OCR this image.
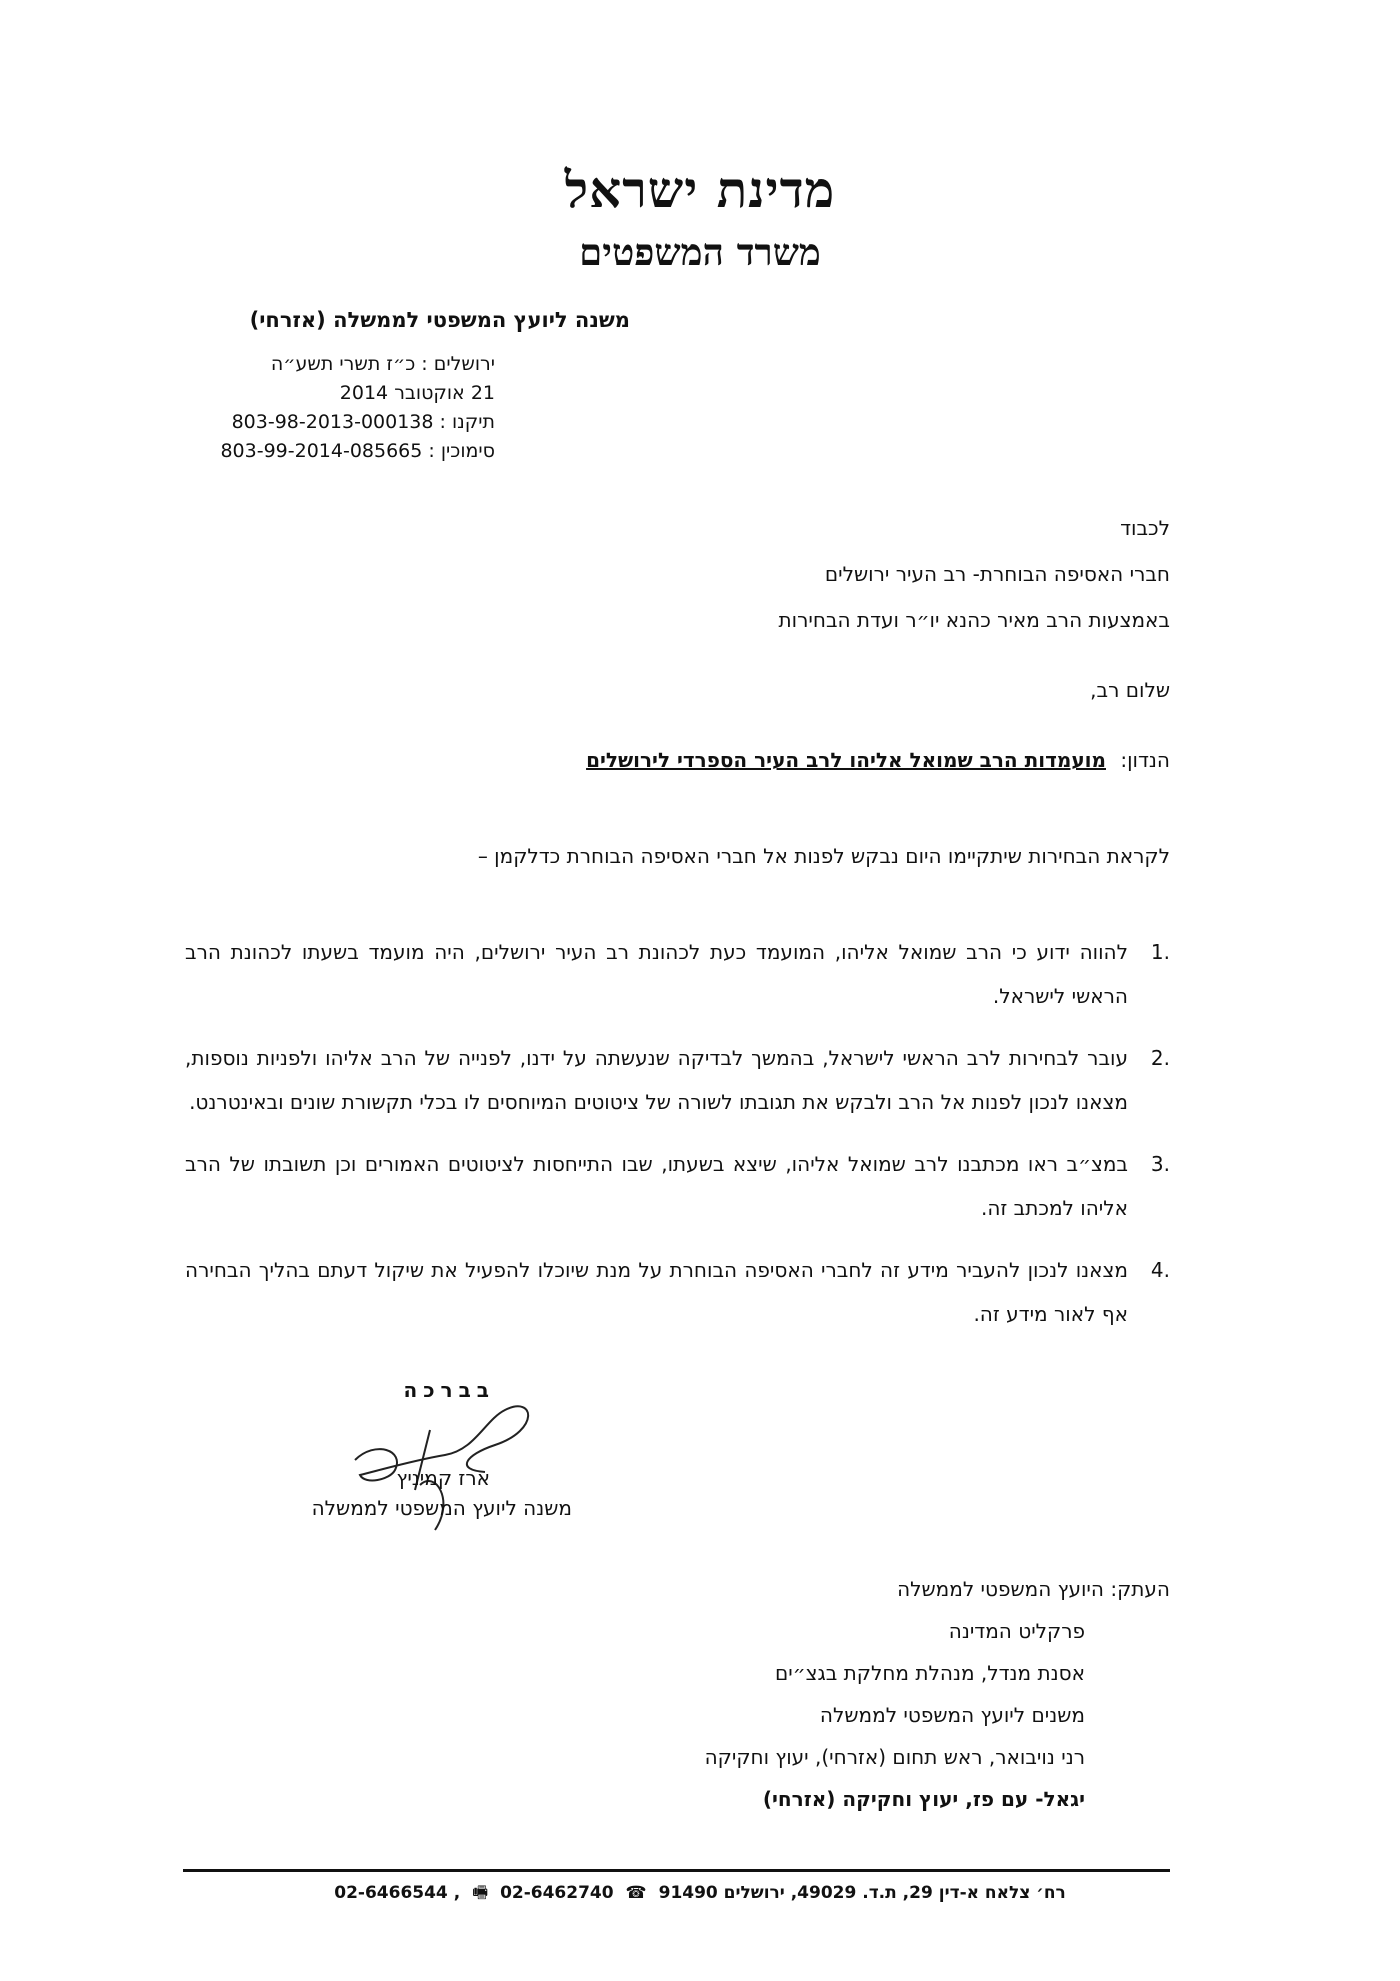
מדינת ישראל
משרד המשפטים
משנה ליועץ המשפטי לממשלה (אזרחי)
ירושלים : כ״ז תשרי תשע״ה
21 אוקטובר 2014
תיקנו : 803-98-2013-000138
סימוכין : 803-99-2014-085665
לכבוד
חברי האסיפה הבוחרת- רב העיר ירושלים
באמצעות הרב מאיר כהנא יו״ר ועדת הבחירות
שלום רב,
הנדון: מועמדות הרב שמואל אליהו לרב העיר הספרדי לירושלים
לקראת הבחירות שיתקיימו היום נבקש לפנות אל חברי האסיפה הבוחרת כדלקמן –
1.
להווה ידוע כי הרב שמואל אליהו, המועמד כעת לכהונת רב העיר ירושלים, היה מועמד בשעתו לכהונת הרב הראשי לישראל.
2.
עובר לבחירות לרב הראשי לישראל, בהמשך לבדיקה שנעשתה על ידנו, לפנייה של הרב אליהו ולפניות נוספות, מצאנו לנכון לפנות אל הרב ולבקש את תגובתו לשורה של ציטוטים המיוחסים לו בכלי תקשורת שונים ובאינטרנט.
3.
במצ״ב ראו מכתבנו לרב שמואל אליהו, שיצא בשעתו, שבו התייחסות לציטוטים האמורים וכן תשובתו של הרב אליהו למכתב זה.
4.
מצאנו לנכון להעביר מידע זה לחברי האסיפה הבוחרת על מנת שיוכלו להפעיל את שיקול דעתם בהליך הבחירה אף לאור מידע זה.
בברכה
ארז קמיניץ
משנה ליועץ המשפטי לממשלה
העתק: היועץ המשפטי לממשלה
פרקליט המדינה
אסנת מנדל, מנהלת מחלקת בגצ״ים
משנים ליועץ המשפטי לממשלה
רני נויבואר, ראש תחום (אזרחי), יעוץ וחקיקה
יגאל- עם פז, יעוץ וחקיקה (אזרחי)
רח׳ צלאח א-דין 29, ת.ד. 49029, ירושלים 91490 ☎ 02-6466544 , 🖷 02-6462740
